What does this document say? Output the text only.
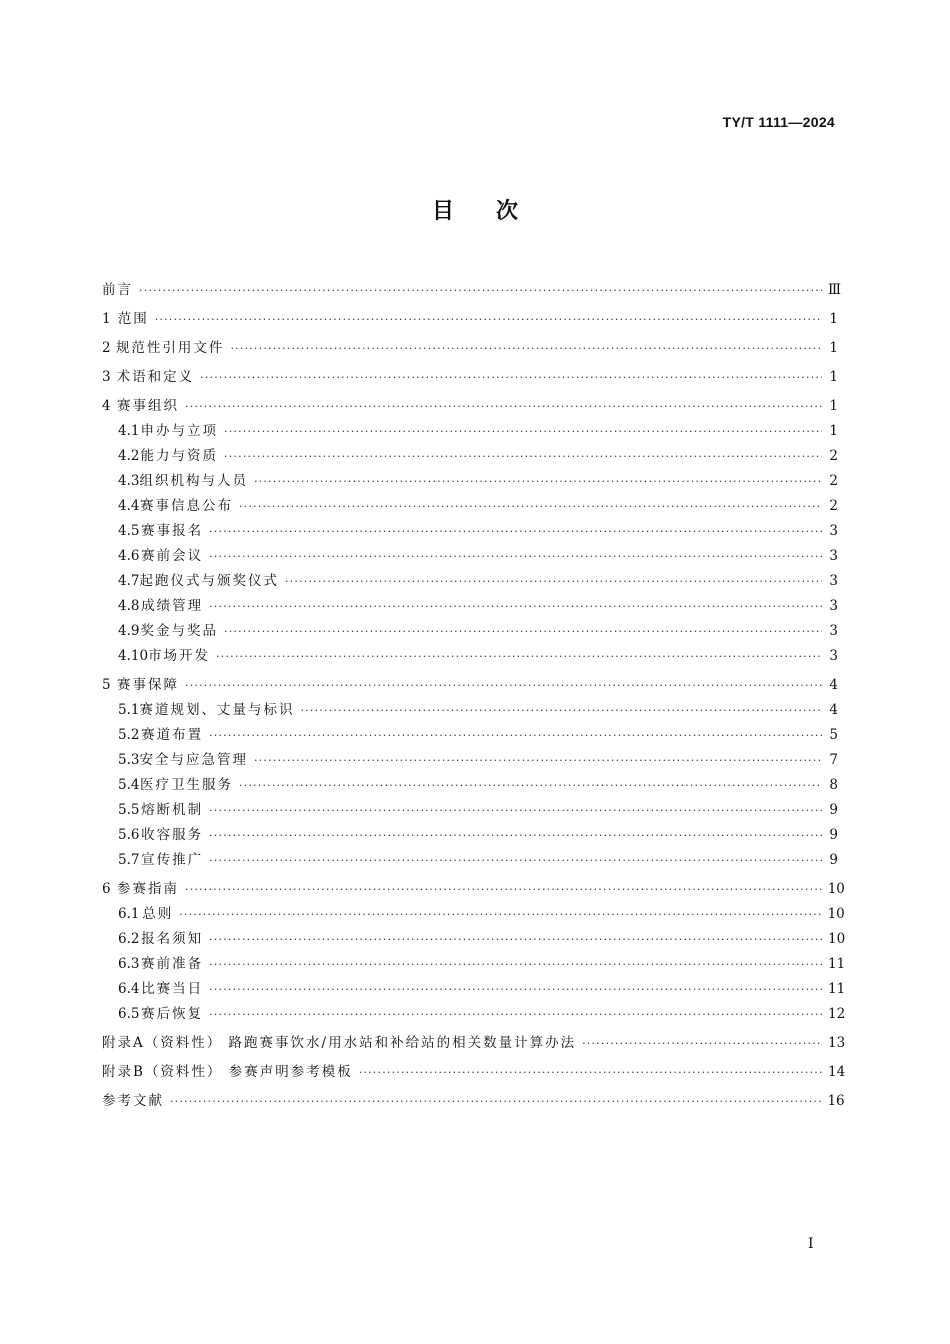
TY/T 1111—2024
目次
前言 ·····	Ⅲ
1 范围 ·····	1
2 规范性引用文件 ·····	1
3 术语和定义 ·····	1
4 赛事组织 ·····	1
4.1 申办与立项 ·····	1
4.2 能力与资质 ·····	2
4.3 组织机构与人员 ·····	2
4.4 赛事信息公布 ·····	2
4.5 赛事报名 ·····	3
4.6 赛前会议 ·····	3
4.7 起跑仪式与颁奖仪式 ·····	3
4.8 成绩管理 ·····	3
4.9 奖金与奖品 ·····	3
4.10 市场开发 ·····	3
5 赛事保障 ·····	4
5.1 赛道规划、丈量与标识 ·····	4
5.2 赛道布置 ·····	5
5.3 安全与应急管理 ·····	7
5.4 医疗卫生服务 ·····	8
5.5 熔断机制 ·····	9
5.6 收容服务 ·····	9
5.7 宣传推广 ·····	9
6 参赛指南 ·····	10
6.1 总则 ·····	10
6.2 报名须知 ·····	10
6.3 赛前准备 ·····	11
6.4 比赛当日 ·····	11
6.5 赛后恢复 ·····	12
附录A（资料性） 路跑赛事饮水/用水站和补给站的相关数量计算办法 ·····	13
附录B（资料性） 参赛声明参考模板 ·····	14
参考文献 ·····	16
I
